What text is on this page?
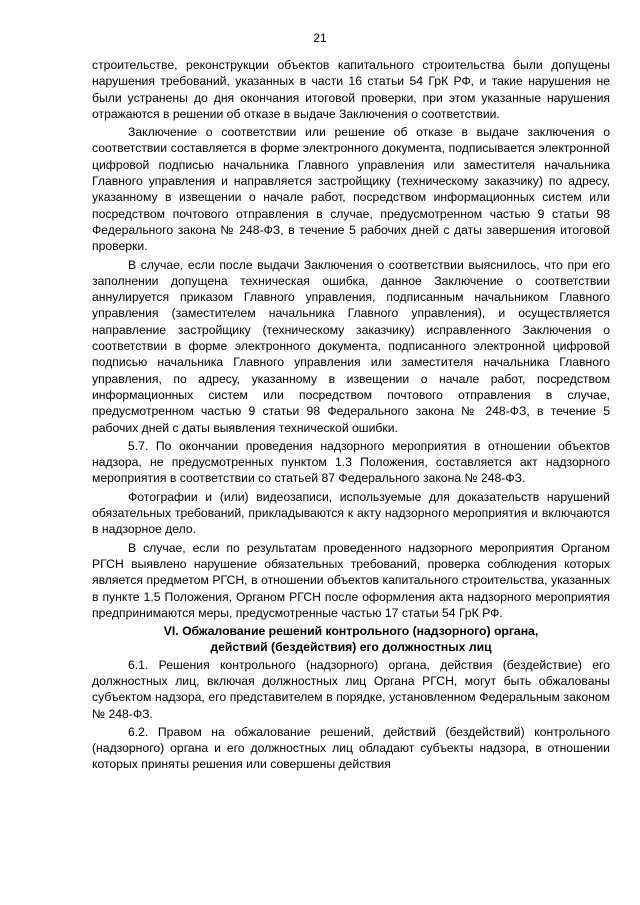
21

строительстве, реконструкции объектов капитального строительства были допущены нарушения требований, указанных в части 16 статьи 54 ГрК РФ, и такие нарушения не были устранены до дня окончания итоговой проверки, при этом указанные нарушения отражаются в решении об отказе в выдаче Заключения о соответствии.

Заключение о соответствии или решение об отказе в выдаче заключения о соответствии составляется в форме электронного документа, подписывается электронной цифровой подписью начальника Главного управления или заместителя начальника Главного управления и направляется застройщику (техническому заказчику) по адресу, указанному в извещении о начале работ, посредством информационных систем или посредством почтового отправления в случае, предусмотренном частью 9 статьи 98 Федерального закона № 248-ФЗ, в течение 5 рабочих дней с даты завершения итоговой проверки.

В случае, если после выдачи Заключения о соответствии выяснилось, что при его заполнении допущена техническая ошибка, данное Заключение о соответствии аннулируется приказом Главного управления, подписанным начальником Главного управления (заместителем начальника Главного управления), и осуществляется направление застройщику (техническому заказчику) исправленного Заключения о соответствии в форме электронного документа, подписанного электронной цифровой подписью начальника Главного управления или заместителя начальника Главного управления, по адресу, указанному в извещении о начале работ, посредством информационных систем или посредством почтового отправления в случае, предусмотренном частью 9 статьи 98 Федерального закона № 248-ФЗ, в течение 5 рабочих дней с даты выявления технической ошибки.

5.7. По окончании проведения надзорного мероприятия в отношении объектов надзора, не предусмотренных пунктом 1.3 Положения, составляется акт надзорного мероприятия в соответствии со статьей 87 Федерального закона № 248-ФЗ.

Фотографии и (или) видеозаписи, используемые для доказательств нарушений обязательных требований, прикладываются к акту надзорного мероприятия и включаются в надзорное дело.

В случае, если по результатам проведенного надзорного мероприятия Органом РГСН выявлено нарушение обязательных требований, проверка соблюдения которых является предметом РГСН, в отношении объектов капитального строительства, указанных в пункте 1.5 Положения, Органом РГСН после оформления акта надзорного мероприятия предпринимаются меры, предусмотренные частью 17 статьи 54 ГрК РФ.

VI. Обжалование решений контрольного (надзорного) органа,
действий (бездействия) его должностных лиц

6.1. Решения контрольного (надзорного) органа, действия (бездействие) его должностных лиц, включая должностных лиц Органа РГСН, могут быть обжалованы субъектом надзора, его представителем в порядке, установленном Федеральным законом № 248-ФЗ.

6.2. Правом на обжалование решений, действий (бездействий) контрольного (надзорного) органа и его должностных лиц обладают субъекты надзора, в отношении которых приняты решения или совершены действия
